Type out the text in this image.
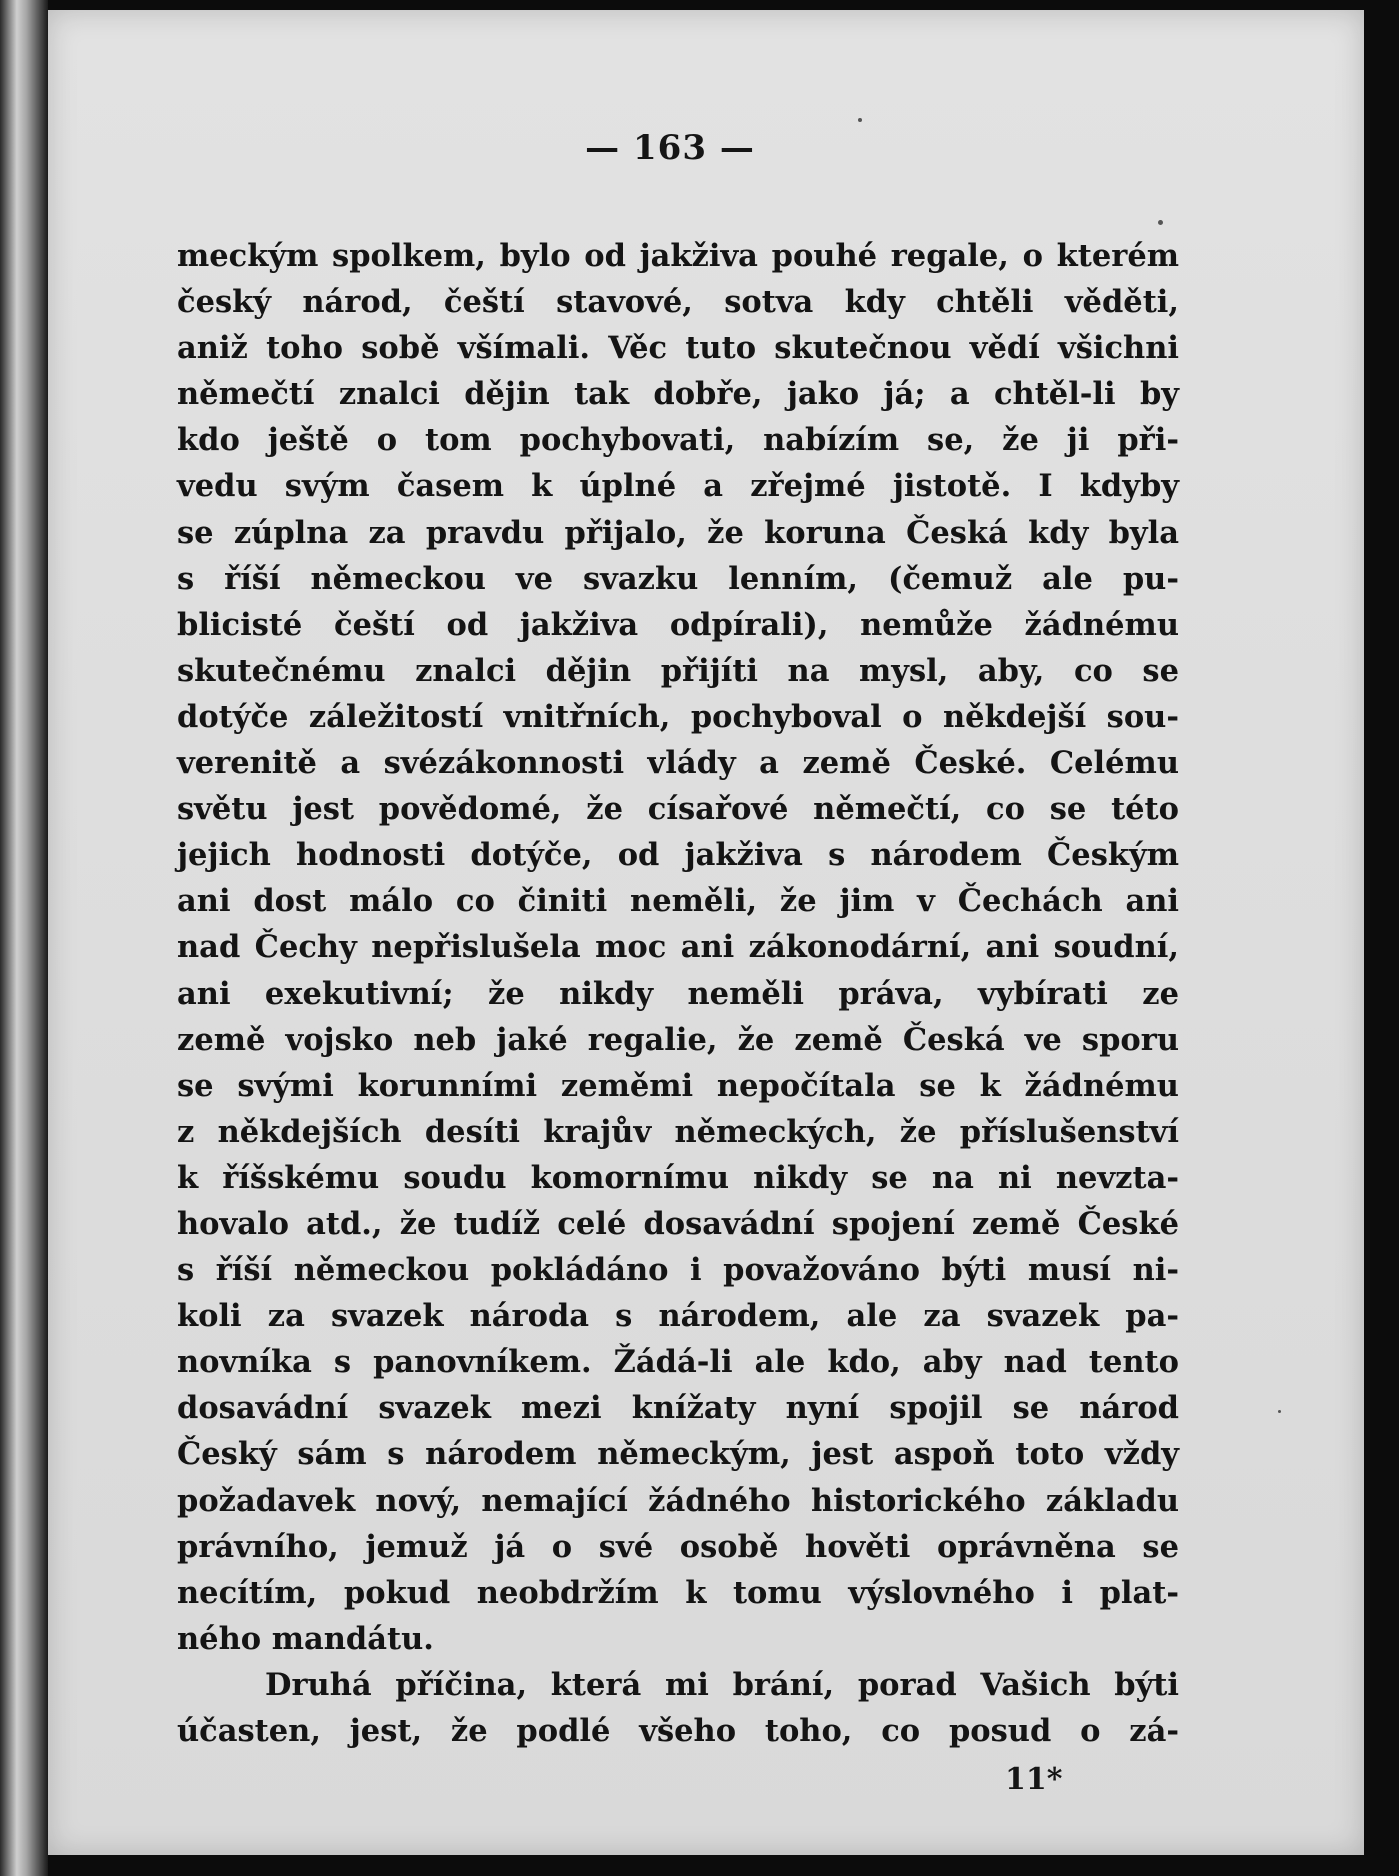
— 163 —
meckým spolkem, bylo od jakživa pouhé regale, o kterém
český národ, čeští stavové, sotva kdy chtěli věděti,
aniž toho sobě všímali. Věc tuto skutečnou vědí všichni
němečtí znalci dějin tak dobře, jako já; a chtěl-li by
kdo ještě o tom pochybovati, nabízím se, že ji při-
vedu svým časem k úplné a zřejmé jistotě. I kdyby
se zúplna za pravdu přijalo, že koruna Česká kdy byla
s říší německou ve svazku lenním, (čemuž ale pu-
blicisté čeští od jakživa odpírali), nemůže žádnému
skutečnému znalci dějin přijíti na mysl, aby, co se
dotýče záležitostí vnitřních, pochyboval o někdejší sou-
verenitě a svézákonnosti vlády a země České. Celému
světu jest povědomé, že císařové němečtí, co se této
jejich hodnosti dotýče, od jakživa s národem Českým
ani dost málo co činiti neměli, že jim v Čechách ani
nad Čechy nepřislušela moc ani zákonodární, ani soudní,
ani exekutivní; že nikdy neměli práva, vybírati ze
země vojsko neb jaké regalie, že země Česká ve sporu
se svými korunními zeměmi nepočítala se k žádnému
z někdejších desíti krajův německých, že příslušenství
k říšskému soudu komornímu nikdy se na ni nevzta-
hovalo atd., že tudíž celé dosavádní spojení země České
s říší německou pokládáno i považováno býti musí ni-
koli za svazek národa s národem, ale za svazek pa-
novníka s panovníkem. Žádá-li ale kdo, aby nad tento
dosavádní svazek mezi knížaty nyní spojil se národ
Český sám s národem německým, jest aspoň toto vždy
požadavek nový, nemající žádného historického základu
právního, jemuž já o své osobě hověti oprávněna se
necítím, pokud neobdržím k tomu výslovného i plat-
ného mandátu.
Druhá příčina, která mi brání, porad Vašich býti
účasten, jest, že podlé všeho toho, co posud o zá-
11*
